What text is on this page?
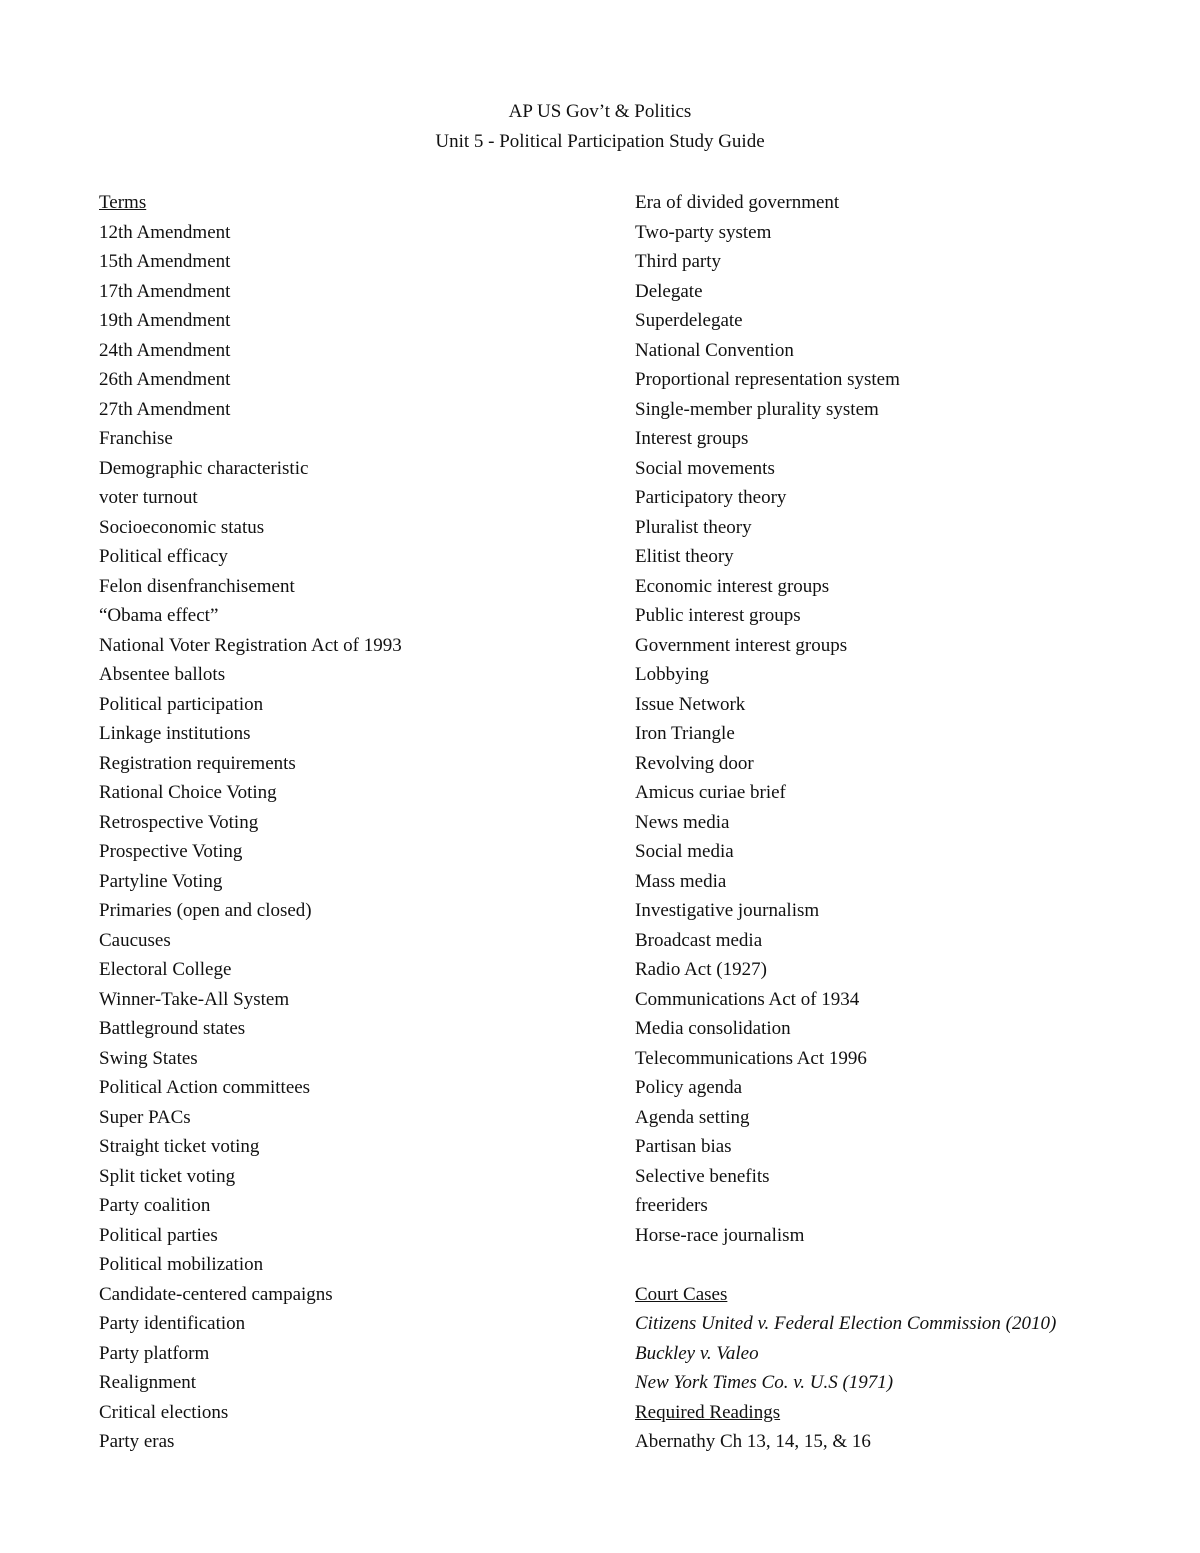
AP US Gov’t & Politics
Unit 5 - Political Participation Study Guide
Terms
12th Amendment
15th Amendment
17th Amendment
19th Amendment
24th Amendment
26th Amendment
27th Amendment
Franchise
Demographic characteristic
voter turnout
Socioeconomic status
Political efficacy
Felon disenfranchisement
“Obama effect”
National Voter Registration Act of 1993
Absentee ballots
Political participation
Linkage institutions
Registration requirements
Rational Choice Voting
Retrospective Voting
Prospective Voting
Partyline Voting
Primaries (open and closed)
Caucuses
Electoral College
Winner-Take-All System
Battleground states
Swing States
Political Action committees
Super PACs
Straight ticket voting
Split ticket voting
Party coalition
Political parties
Political mobilization
Candidate-centered campaigns
Party identification
Party platform
Realignment
Critical elections
Party eras
Era of divided government
Two-party system
Third party
Delegate
Superdelegate
National Convention
Proportional representation system
Single-member plurality system
Interest groups
Social movements
Participatory theory
Pluralist theory
Elitist theory
Economic interest groups
Public interest groups
Government interest groups
Lobbying
Issue Network
Iron Triangle
Revolving door
Amicus curiae brief
News media
Social media
Mass media
Investigative journalism
Broadcast media
Radio Act (1927)
Communications Act of 1934
Media consolidation
Telecommunications Act 1996
Policy agenda
Agenda setting
Partisan bias
Selective benefits
freeriders
Horse-race journalism
Court Cases
Citizens United v. Federal Election Commission (2010)
Buckley v. Valeo
New York Times Co. v. U.S (1971)
Required Readings
Abernathy Ch 13, 14, 15, & 16
